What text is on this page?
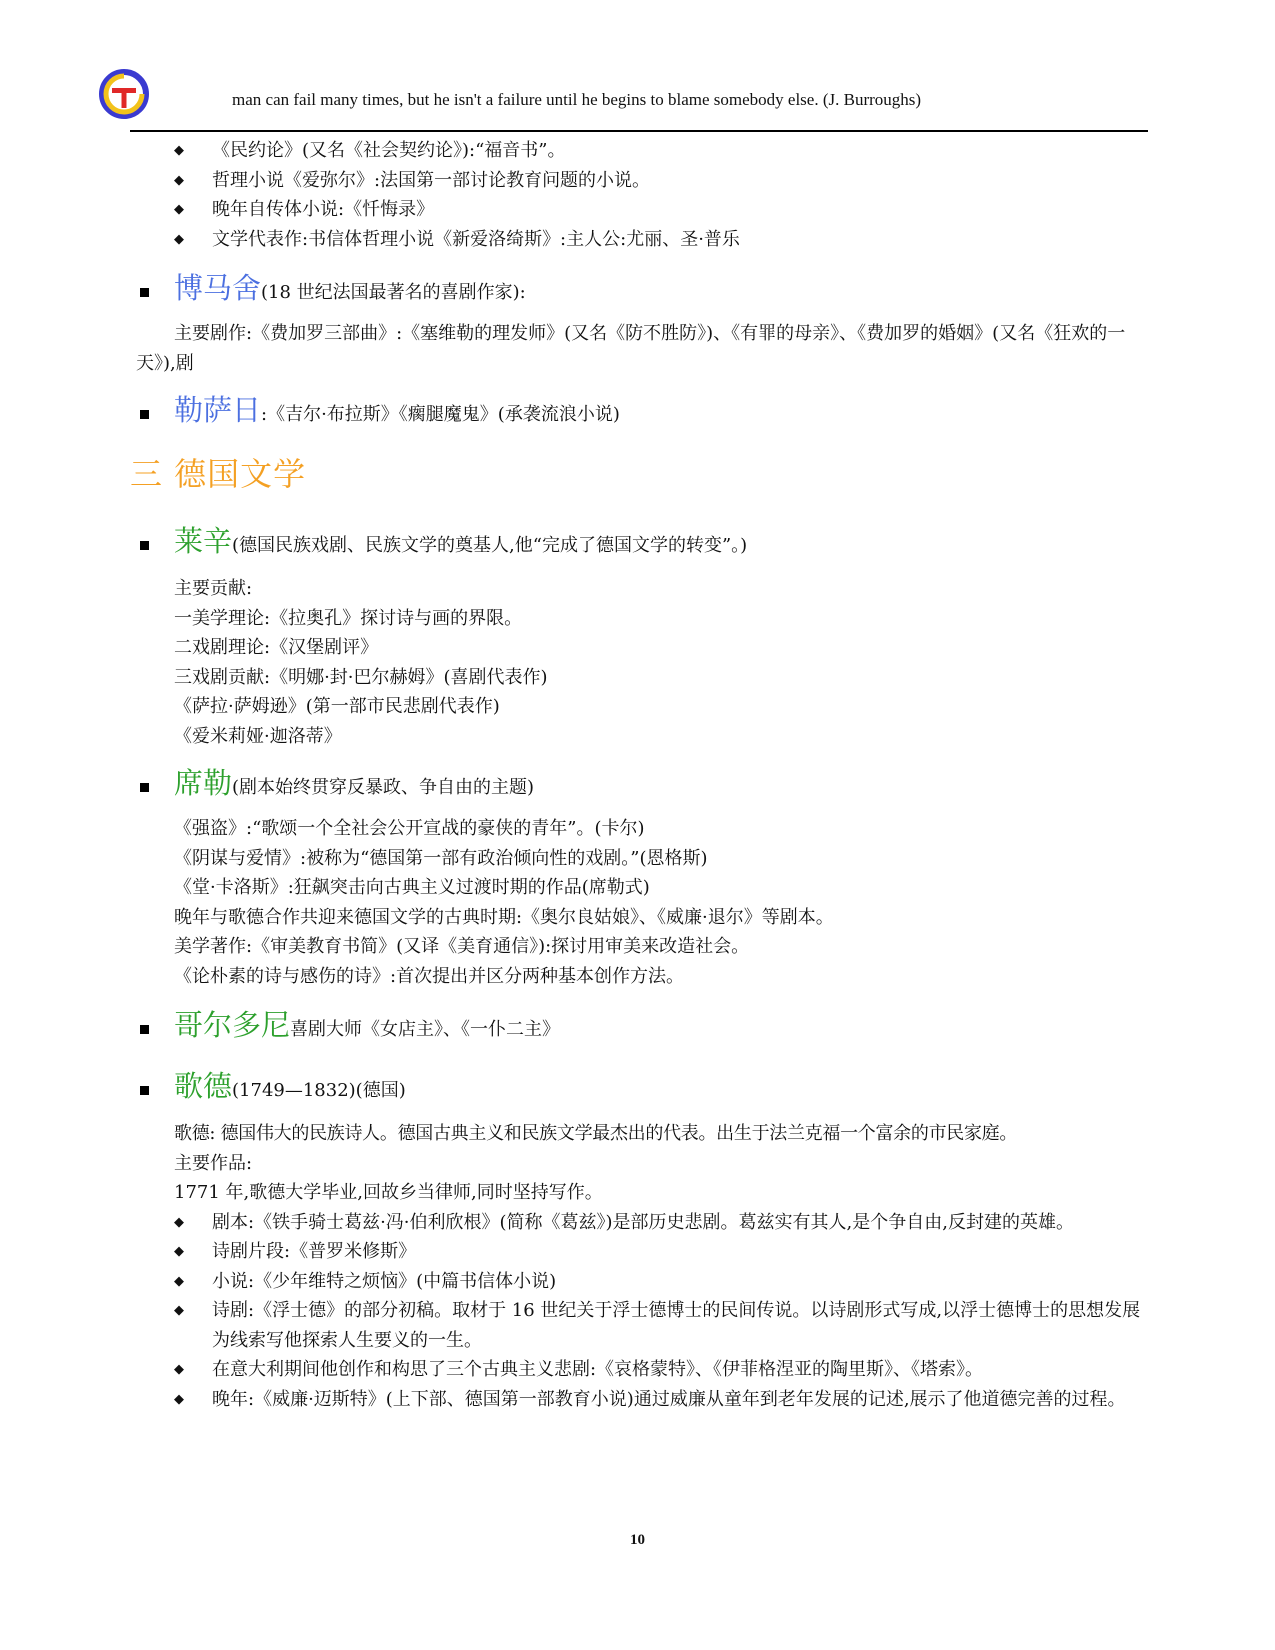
man can fail many times, but he isn't a failure until he begins to blame somebody else. (J. Burroughs)
◆ 《民约论》(又名《社会契约论》):“福音书”。
◆ 哲理小说《爱弥尔》:法国第一部讨论教育问题的小说。
◆ 晚年自传体小说:《忏悔录》
◆ 文学代表作:书信体哲理小说《新爱洛绮斯》:主人公:尤丽、圣·普乐
博马舍(18 世纪法国最著名的喜剧作家):
主要剧作:《费加罗三部曲》:《塞维勒的理发师》(又名《防不胜防》)、《有罪的母亲》、《费加罗的婚姻》(又名《狂欢的一天》),剧
勒萨日:《吉尔·布拉斯》《瘸腿魔鬼》(承袭流浪小说)
三 德国文学
莱辛(德国民族戏剧、民族文学的奠基人,他“完成了德国文学的转变”。)
主要贡献:
一美学理论:《拉奥孔》探讨诗与画的界限。
二戏剧理论:《汉堡剧评》
三戏剧贡献:《明娜·封·巴尔赫姆》(喜剧代表作)
《萨拉·萨姆逊》(第一部市民悲剧代表作)
《爱米莉娅·迦洛蒂》
席勒(剧本始终贯穿反暴政、争自由的主题)
《强盗》:“歌颂一个全社会公开宣战的豪侠的青年”。(卡尔)
《阴谋与爱情》:被称为“德国第一部有政治倾向性的戏剧。”(恩格斯)
《堂·卡洛斯》:狂飙突击向古典主义过渡时期的作品(席勒式)
晚年与歌德合作共迎来德国文学的古典时期:《奥尔良姑娘》、《威廉·退尔》等剧本。
美学著作:《审美教育书简》(又译《美育通信》):探讨用审美来改造社会。
《论朴素的诗与感伤的诗》:首次提出并区分两种基本创作方法。
哥尔多尼喜剧大师《女店主》、《一仆二主》
歌德(1749—1832)(德国)
歌德: 德国伟大的民族诗人。德国古典主义和民族文学最杰出的代表。出生于法兰克福一个富余的市民家庭。
主要作品:
1771 年,歌德大学毕业,回故乡当律师,同时坚持写作。
◆ 剧本:《铁手骑士葛兹·冯·伯利欣根》(简称《葛兹》)是部历史悲剧。葛兹实有其人,是个争自由,反封建的英雄。
◆ 诗剧片段:《普罗米修斯》
◆ 小说:《少年维特之烦恼》(中篇书信体小说)
◆ 诗剧:《浮士德》的部分初稿。取材于 16 世纪关于浮士德博士的民间传说。以诗剧形式写成,以浮士德博士的思想发展为线索写他探索人生要义的一生。
◆ 在意大利期间他创作和构思了三个古典主义悲剧:《哀格蒙特》、《伊菲格涅亚的陶里斯》、《塔索》。
◆ 晚年:《威廉·迈斯特》(上下部、德国第一部教育小说)通过威廉从童年到老年发展的记述,展示了他道德完善的过程。
10
